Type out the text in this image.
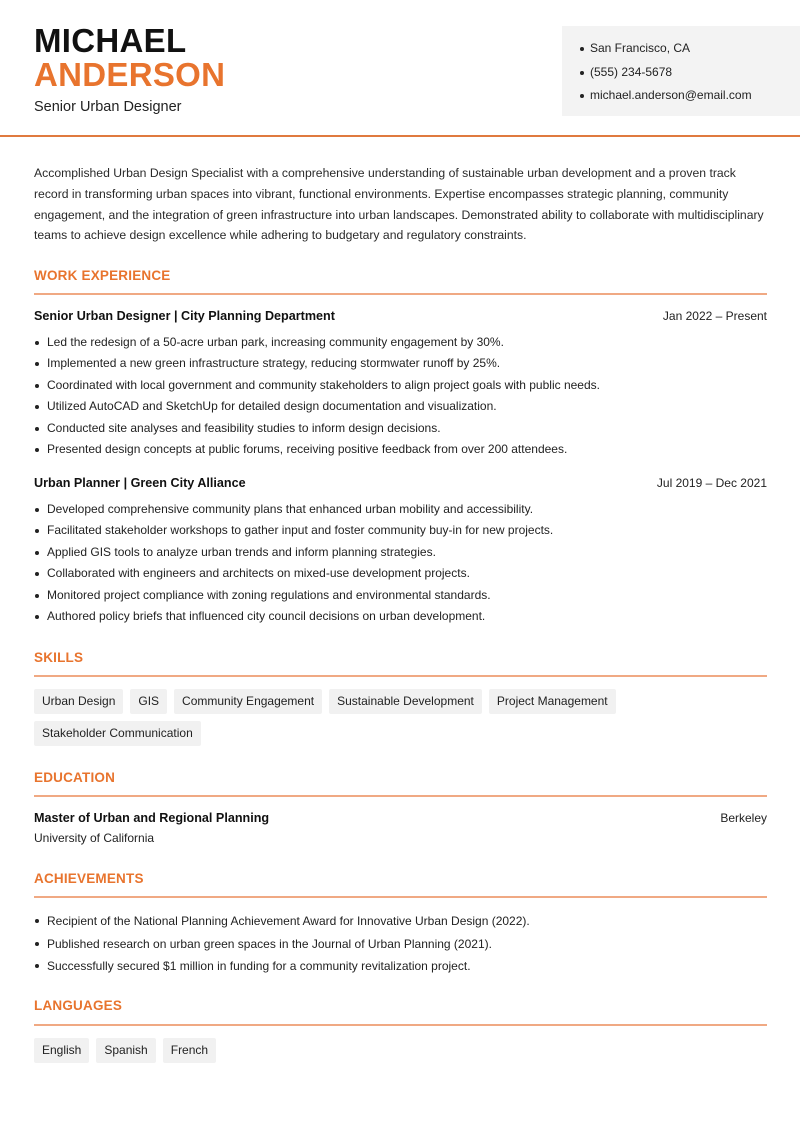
MICHAEL
ANDERSON
Senior Urban Designer
San Francisco, CA
(555) 234-5678
michael.anderson@email.com

Accomplished Urban Design Specialist with a comprehensive understanding of sustainable urban development and a proven track record in transforming urban spaces into vibrant, functional environments. Expertise encompasses strategic planning, community engagement, and the integration of green infrastructure into urban landscapes. Demonstrated ability to collaborate with multidisciplinary teams to achieve design excellence while adhering to budgetary and regulatory constraints.

WORK EXPERIENCE
Senior Urban Designer | City Planning Department	Jan 2022 – Present
Led the redesign of a 50-acre urban park, increasing community engagement by 30%.
Implemented a new green infrastructure strategy, reducing stormwater runoff by 25%.
Coordinated with local government and community stakeholders to align project goals with public needs.
Utilized AutoCAD and SketchUp for detailed design documentation and visualization.
Conducted site analyses and feasibility studies to inform design decisions.
Presented design concepts at public forums, receiving positive feedback from over 200 attendees.
Urban Planner | Green City Alliance	Jul 2019 – Dec 2021
Developed comprehensive community plans that enhanced urban mobility and accessibility.
Facilitated stakeholder workshops to gather input and foster community buy-in for new projects.
Applied GIS tools to analyze urban trends and inform planning strategies.
Collaborated with engineers and architects on mixed-use development projects.
Monitored project compliance with zoning regulations and environmental standards.
Authored policy briefs that influenced city council decisions on urban development.
SKILLS
Urban Design	GIS	Community Engagement	Sustainable Development	Project Management
Stakeholder Communication
EDUCATION
Master of Urban and Regional Planning	Berkeley
University of California
ACHIEVEMENTS
Recipient of the National Planning Achievement Award for Innovative Urban Design (2022).
Published research on urban green spaces in the Journal of Urban Planning (2021).
Successfully secured $1 million in funding for a community revitalization project.
LANGUAGES
English	Spanish	French
